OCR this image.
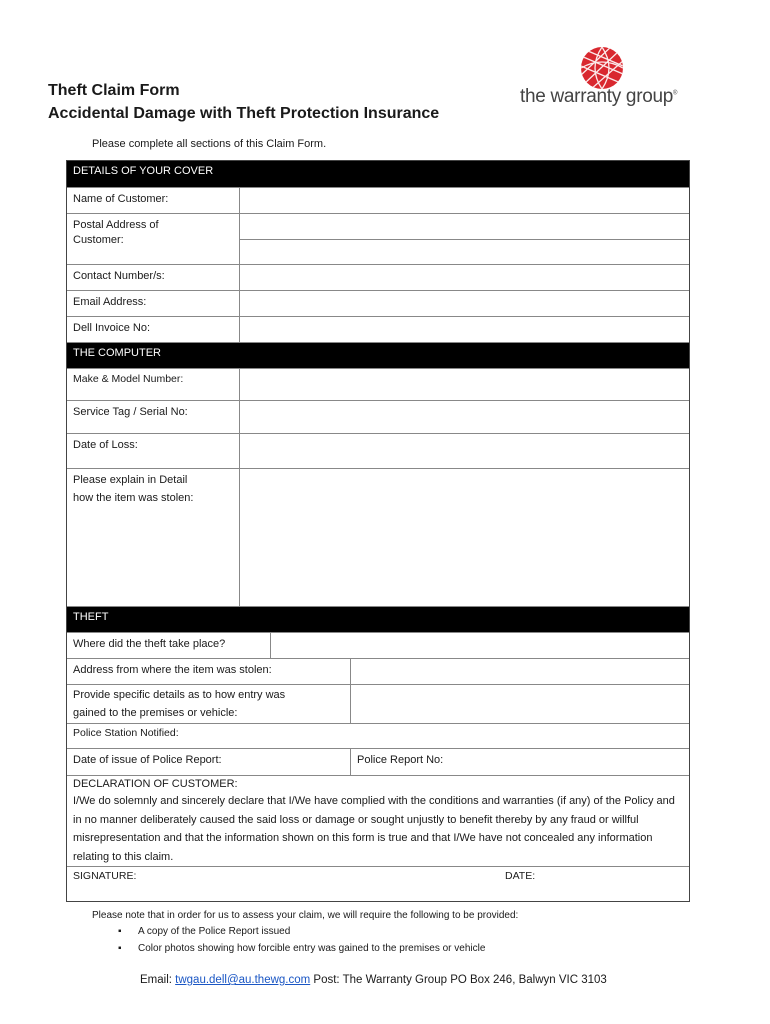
Theft Claim Form
Accidental Damage with Theft Protection Insurance
the warranty group®
Please complete all sections of this Claim Form.
DETAILS OF YOUR COVER
Name of Customer:
Postal Address of
Customer:
Contact Number/s:
Email Address:
Dell Invoice No:
THE COMPUTER
Make & Model Number:
Service Tag / Serial No:
Date of Loss:
Please explain in Detail
how the item was stolen:
THEFT
Where did the theft take place?
Address from where the item was stolen:
Provide specific details as to how entry was
gained to the premises or vehicle:
Police Station Notified:
Date of issue of Police Report:	Police Report No:
DECLARATION OF CUSTOMER:
I/We do solemnly and sincerely declare that I/We have complied with the conditions and warranties (if any) of the Policy and in no manner deliberately caused the said loss or damage or sought unjustly to benefit thereby by any fraud or willful misrepresentation and that the information shown on this form is true and that I/We have not concealed any information relating to this claim.
SIGNATURE:	DATE:
Please note that in order for us to assess your claim, we will require the following to be provided:
▪ A copy of the Police Report issued
▪ Color photos showing how forcible entry was gained to the premises or vehicle
Email: twgau.dell@au.thewg.com Post: The Warranty Group PO Box 246, Balwyn VIC 3103
